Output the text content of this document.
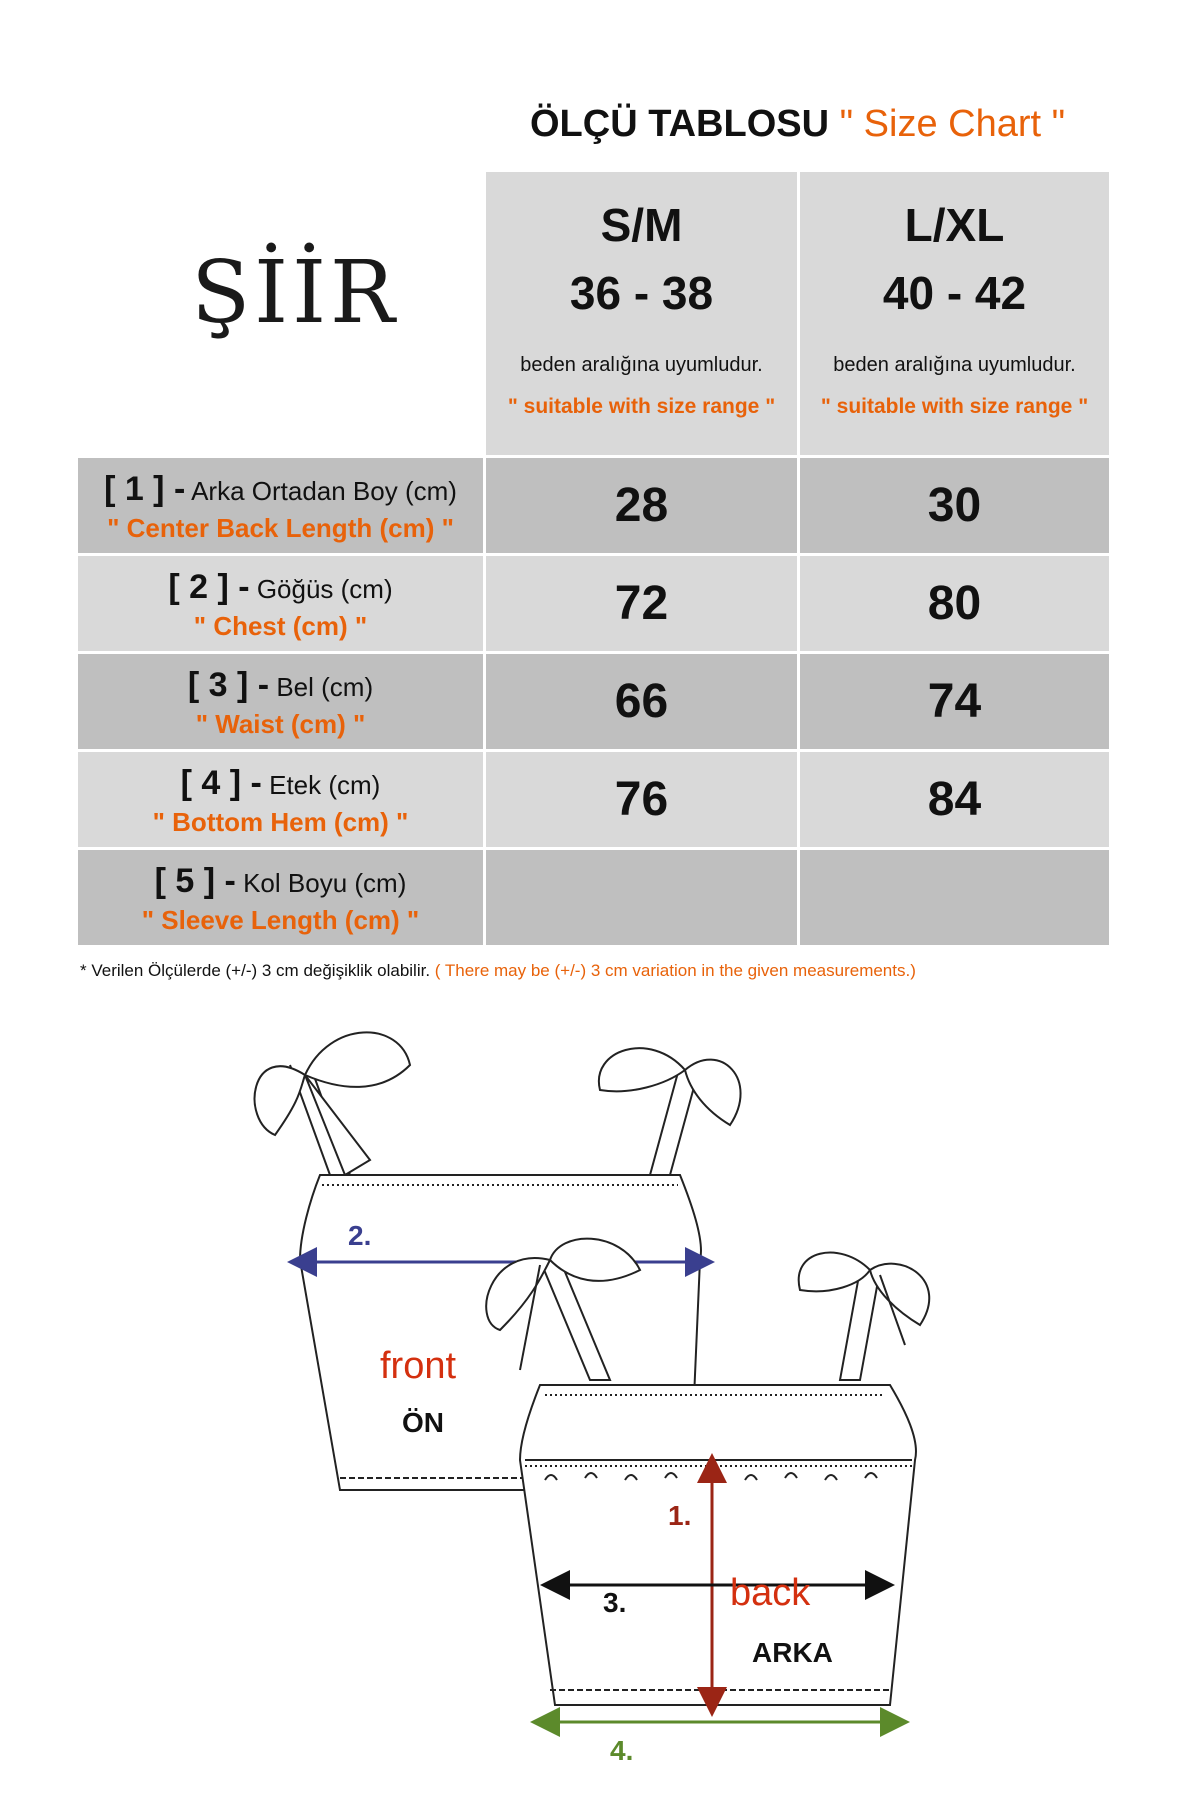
ÖLÇÜ TABLOSU " Size Chart "
ŞİİR
S/M
36 - 38
beden aralığına uyumludur.
" suitable with size range "
L/XL
40 - 42
beden aralığına uyumludur.
" suitable with size range "
[ 1 ] - Arka Ortadan Boy (cm)
" Center Back Length (cm) "	28	30
[ 2 ] - Göğüs (cm)
" Chest (cm) "	72	80
[ 3 ] - Bel (cm)
" Waist (cm) "	66	74
[ 4 ] - Etek (cm)
" Bottom Hem (cm) "	76	84
[ 5 ] - Kol Boyu (cm)
" Sleeve Length (cm) "
* Verilen Ölçülerde (+/-) 3 cm değişiklik olabilir. ( There may be (+/-) 3 cm variation in the given measurements.)
2.
front
ÖN
1.
3.	back
ARKA
4.
